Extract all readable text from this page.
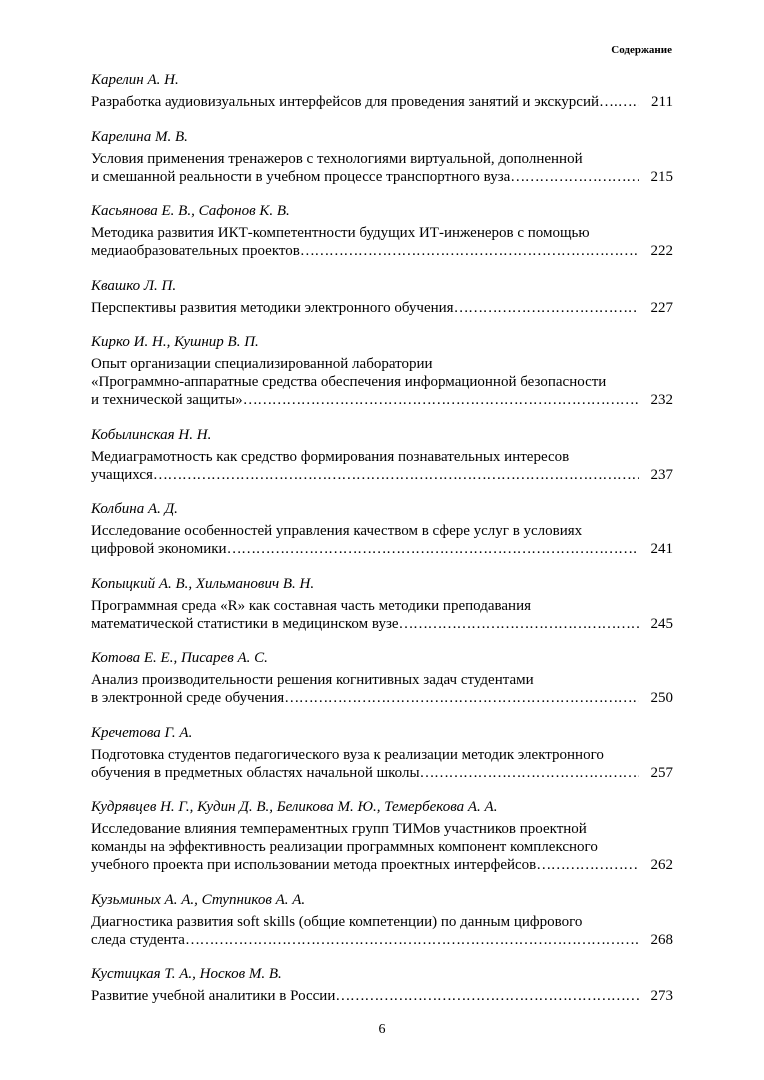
Содержание
Карелин А. Н.
Разработка аудиовизуальных интерфейсов для проведения занятий и экскурсий…. ……………………………………………………………………………………………………………………………………………………………………………………	211
Карелина М. В.
Условия применения тренажеров с технологиями виртуальной, дополненной
и смешанной реальности в учебном процессе транспортного вуза ……………………………………………………………………………………………………………………………………………………………………………………	215
Касьянова Е. В., Сафонов К. В.
Методика развития ИКТ-компетентности будущих ИТ-инженеров с помощью
медиаобразовательных проектов ……………………………………………………………………………………………………………………………………………………………………………………	222
Квашко Л. П.
Перспективы развития методики электронного обучения ……………………………………………………………………………………………………………………………………………………………………………………	227
Кирко И. Н., Кушнир В. П.
Опыт организации специализированной лаборатории
«Программно-аппаратные средства обеспечения информационной безопасности
и технической защиты» ……………………………………………………………………………………………………………………………………………………………………………………	232
Кобылинская Н. Н.
Медиаграмотность как средство формирования познавательных интересов
учащихся ……………………………………………………………………………………………………………………………………………………………………………………	237
Колбина А. Д.
Исследование особенностей управления качеством в сфере услуг в условиях
цифровой экономики ……………………………………………………………………………………………………………………………………………………………………………………	241
Копыцкий А. В., Хильманович В. Н.
Программная среда «R» как составная часть методики преподавания
математической статистики в медицинском вузе ……………………………………………………………………………………………………………………………………………………………………………………	245
Котова Е. Е., Писарев А. С.
Анализ производительности решения когнитивных задач студентами
в электронной среде обучения ……………………………………………………………………………………………………………………………………………………………………………………	250
Кречетова Г. А.
Подготовка студентов педагогического вуза к реализации методик электронного
обучения в предметных областях начальной школы ……………………………………………………………………………………………………………………………………………………………………………………	257
Кудрявцев Н. Г., Кудин Д. В., Беликова М. Ю., Темербекова А. А.
Исследование влияния темпераментных групп ТИМов участников проектной
команды на эффективность реализации программных компонент комплексного
учебного проекта при использовании метода проектных интерфейсов ……………………………………………………………………………………………………………………………………………………………………………………	262
Кузьминых А. А., Ступников А. А.
Диагностика развития soft skills (общие компетенции) по данным цифрового
следа студента ……………………………………………………………………………………………………………………………………………………………………………………	268
Кустицкая Т. А., Носков М. В.
Развитие учебной аналитики в России ……………………………………………………………………………………………………………………………………………………………………………………	273
6
